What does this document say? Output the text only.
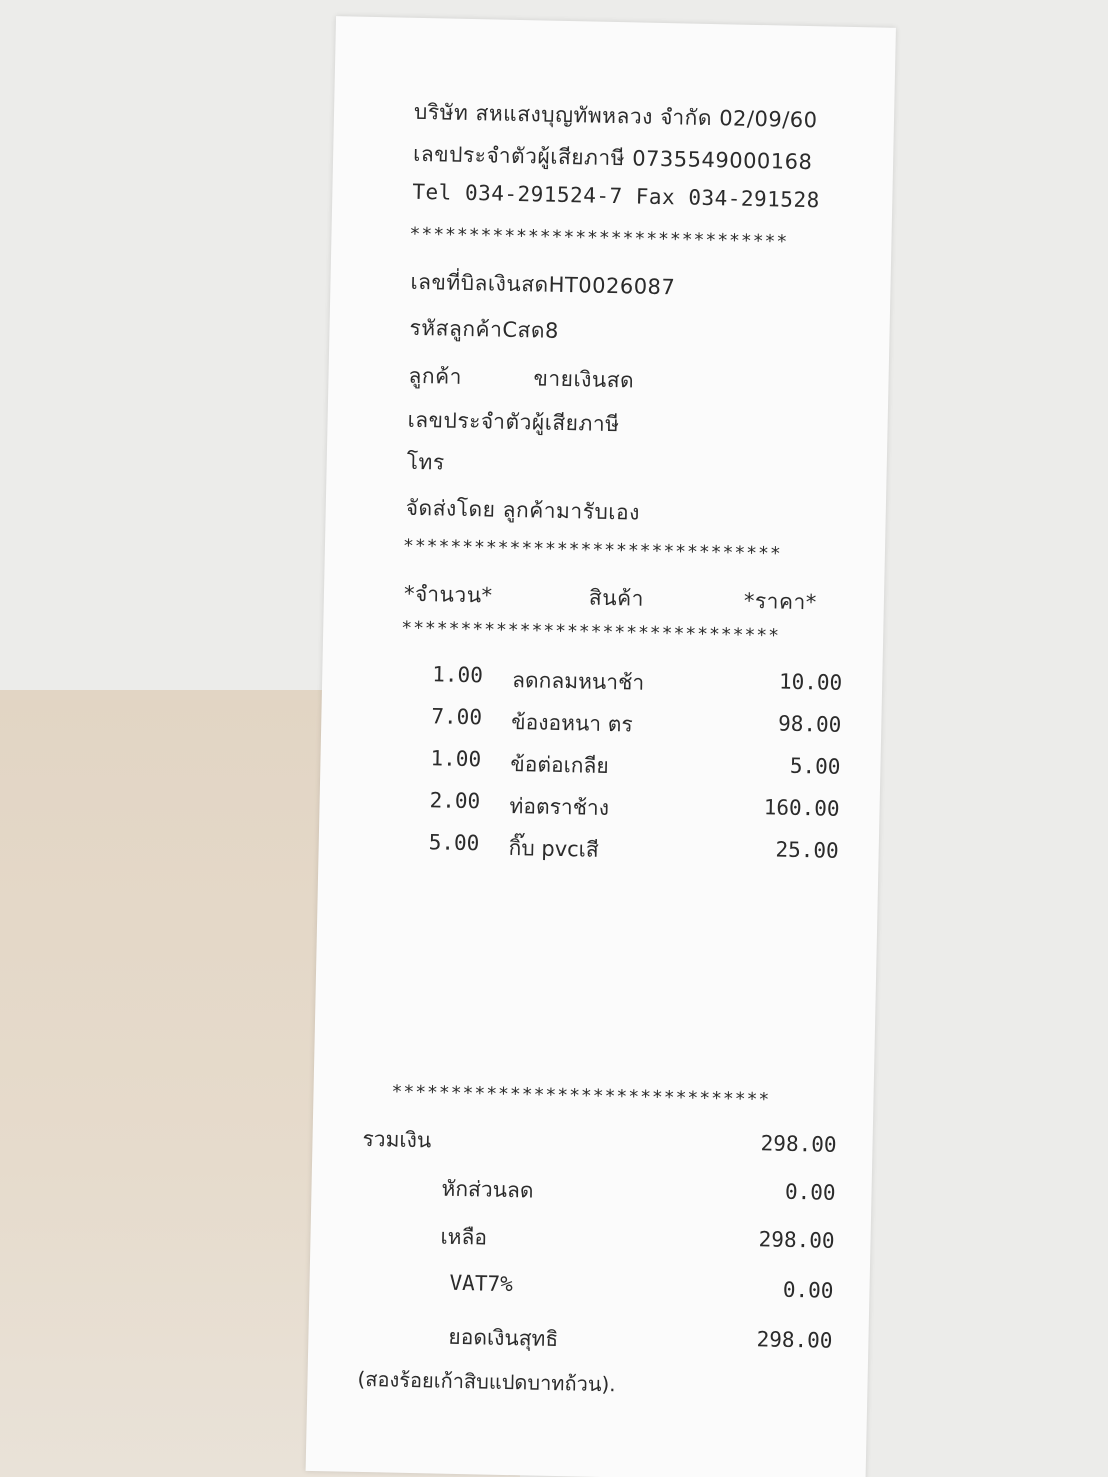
บริษัท สหแสงบุญทัพหลวง จำกัด 02/09/60
เลขประจำตัวผู้เสียภาษี 0735549000168
Tel 034-291524-7 Fax 034-291528
********************************
เลขที่บิลเงินสดHT0026087
รหัสลูกค้าCสด8
ลูกค้า	ขายเงินสด
เลขประจำตัวผู้เสียภาษี
โทร
จัดส่งโดย ลูกค้ามารับเอง
********************************
*จำนวน*	สินค้า	*ราคา*
********************************
1.00 ลดกลมหนาช้า	10.00
7.00 ข้องอหนา ตร	98.00
1.00 ข้อต่อเกลีย	5.00
2.00 ท่อตราช้าง	160.00
5.00 กิ๊บ pvcเสี	25.00
********************************
รวมเงิน	298.00
หักส่วนลด	0.00
เหลือ	298.00
VAT7%	0.00
ยอดเงินสุทธิ	298.00
(สองร้อยเก้าสิบแปดบาทถ้วน).
